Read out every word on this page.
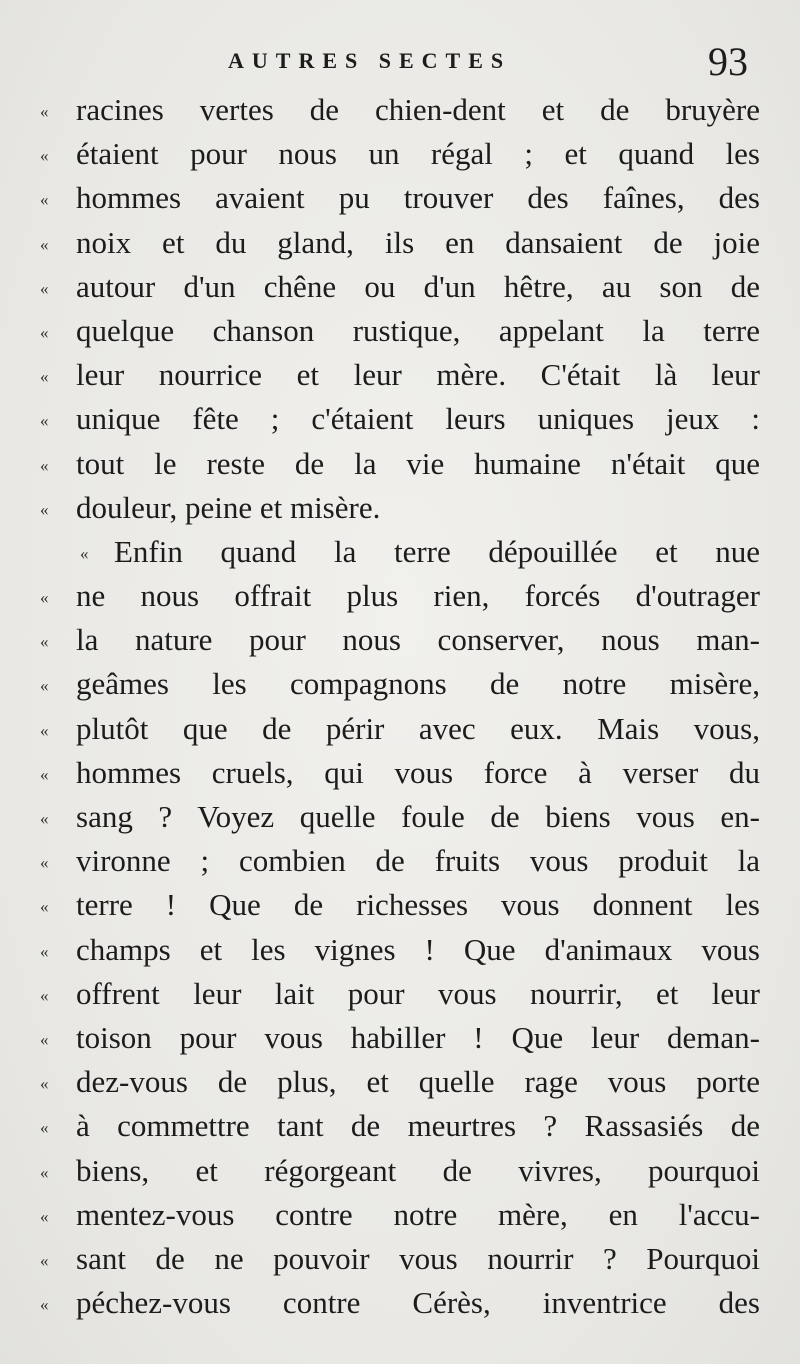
AUTRES SECTES	93
« racines vertes de chien-dent et de bruyère
« étaient pour nous un régal ; et quand les
« hommes avaient pu trouver des faînes, des
« noix et du gland, ils en dansaient de joie
« autour d'un chêne ou d'un hêtre, au son de
« quelque chanson rustique, appelant la terre
« leur nourrice et leur mère. C'était là leur
« unique fête ; c'étaient leurs uniques jeux :
« tout le reste de la vie humaine n'était que
« douleur, peine et misère.
« Enfin quand la terre dépouillée et nue
« ne nous offrait plus rien, forcés d'outrager
« la nature pour nous conserver, nous man-
« geâmes les compagnons de notre misère,
« plutôt que de périr avec eux. Mais vous,
« hommes cruels, qui vous force à verser du
« sang ? Voyez quelle foule de biens vous en-
« vironne ; combien de fruits vous produit la
« terre ! Que de richesses vous donnent les
« champs et les vignes ! Que d'animaux vous
« offrent leur lait pour vous nourrir, et leur
« toison pour vous habiller ! Que leur deman-
« dez-vous de plus, et quelle rage vous porte
« à commettre tant de meurtres ? Rassasiés de
« biens, et régorgeant de vivres, pourquoi
« mentez-vous contre notre mère, en l'accu-
« sant de ne pouvoir vous nourrir ? Pourquoi
« péchez-vous contre Cérès, inventrice des
